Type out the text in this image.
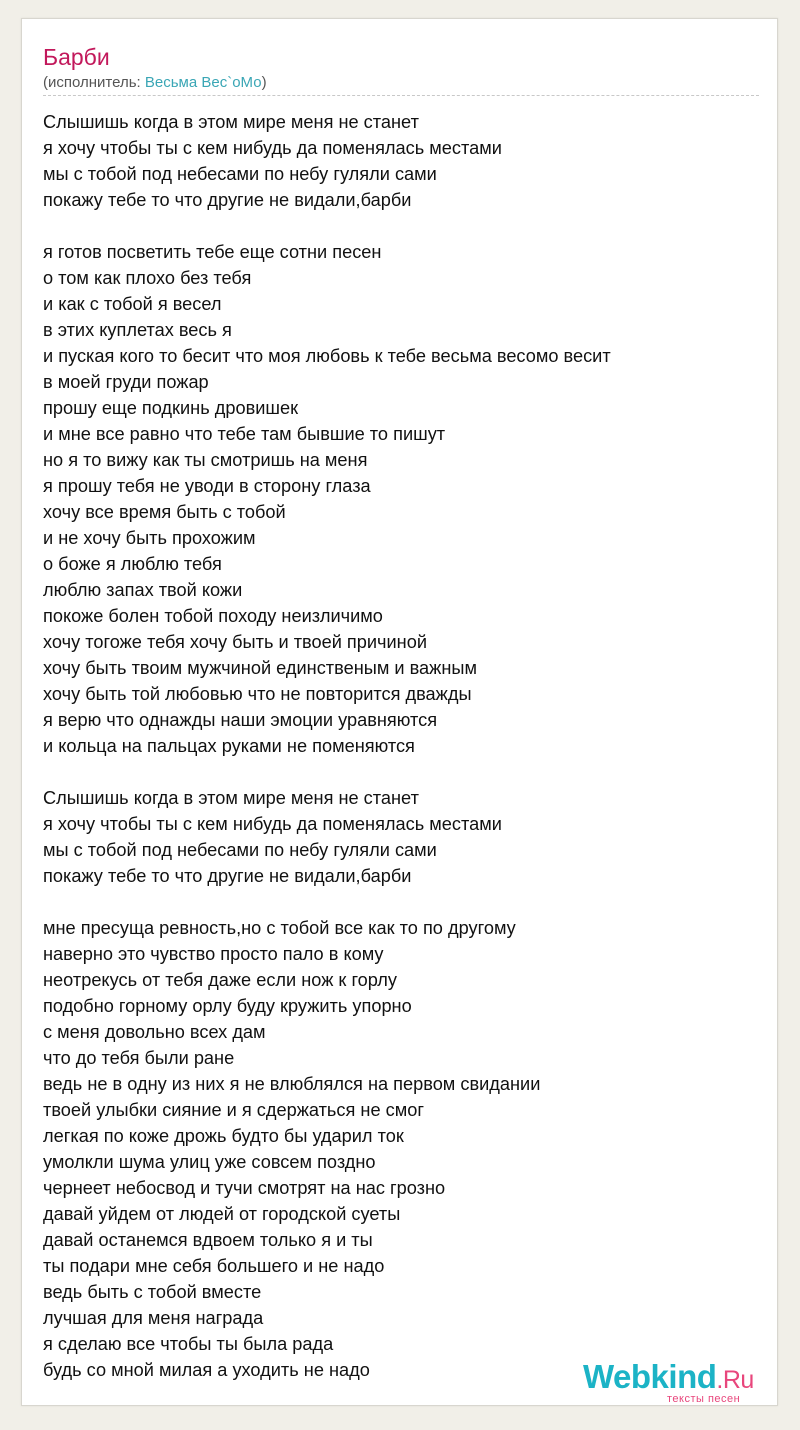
Барби
(исполнитель: Весьма Вес`оМо)
Слышишь когда в этом мире меня не станет
я хочу чтобы ты с кем нибудь да поменялась местами
мы с тобой под небесами по небу гуляли сами
покажу тебе то что другие не видали,барби
я готов посветить тебе еще сотни песен
о том как плохо без тебя
и как с тобой я весел
в этих куплетах весь я
и пуская кого то бесит что моя любовь к тебе весьма весомо весит
в моей груди пожар
прошу еще подкинь дровишек
и мне все равно что тебе там бывшие то пишут
но я то вижу как ты смотришь на меня
я прошу тебя не уводи в сторону глаза
хочу все время быть с тобой
и не хочу быть прохожим
о боже я люблю тебя
люблю запах твой кожи
покоже болен тобой походу неизличимо
хочу тогоже тебя хочу быть и твоей причиной
хочу быть твоим мужчиной единственым и важным
хочу быть той любовью что не повторится дважды
я верю что однажды наши эмоции уравняются
и кольца на пальцах руками не поменяются
Слышишь когда в этом мире меня не станет
я хочу чтобы ты с кем нибудь да поменялась местами
мы с тобой под небесами по небу гуляли сами
покажу тебе то что другие не видали,барби
мне пресуща ревность,но с тобой все как то по другому
наверно это чувство просто пало в кому
неотрекусь от тебя даже если нож к горлу
подобно горному орлу буду кружить упорно
с меня довольно всех дам
что до тебя были ране
ведь не в одну из них я не влюблялся на первом свидании
твоей улыбки сияние и я сдержаться не смог
легкая по коже дрожь будто бы ударил ток
умолкли шума улиц уже совсем поздно
чернеет небосвод и тучи смотрят на нас грозно
давай уйдем от людей от городской суеты
давай останемся вдвоем только я и ты
ты подари мне себя большего и не надо
ведь быть с тобой вместе
лучшая для меня награда
я сделаю все чтобы ты была рада
будь со мной милая а уходить не надо	Webkind.Ru
тексты песен
